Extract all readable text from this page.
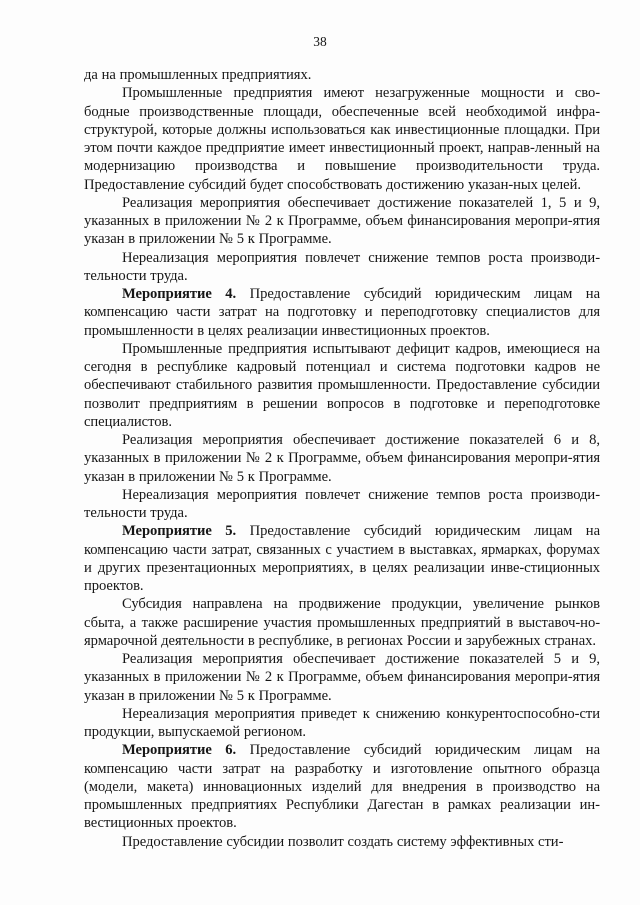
38

да на промышленных предприятиях.

Промышленные предприятия имеют незагруженные мощности и сво-бодные производственные площади, обеспеченные всей необходимой инфра-структурой, которые должны использоваться как инвестиционные площадки. При этом почти каждое предприятие имеет инвестиционный проект, направ-ленный на модернизацию производства и повышение производительности труда. Предоставление субсидий будет способствовать достижению указан-ных целей.

Реализация мероприятия обеспечивает достижение показателей 1, 5 и 9, указанных в приложении № 2 к Программе, объем финансирования меропри-ятия указан в приложении № 5 к Программе.

Нереализация мероприятия повлечет снижение темпов роста производи-тельности труда.

Мероприятие 4. Предоставление субсидий юридическим лицам на компенсацию части затрат на подготовку и переподготовку специалистов для промышленности в целях реализации инвестиционных проектов.

Промышленные предприятия испытывают дефицит кадров, имеющиеся на сегодня в республике кадровый потенциал и система подготовки кадров не обеспечивают стабильного развития промышленности. Предоставление субсидии позволит предприятиям в решении вопросов в подготовке и переподготовке специалистов.

Реализация мероприятия обеспечивает достижение показателей 6 и 8, указанных в приложении № 2 к Программе, объем финансирования меропри-ятия указан в приложении № 5 к Программе.

Нереализация мероприятия повлечет снижение темпов роста производи-тельности труда.

Мероприятие 5. Предоставление субсидий юридическим лицам на компенсацию части затрат, связанных с участием в выставках, ярмарках, форумах и других презентационных мероприятиях, в целях реализации инве-стиционных проектов.

Субсидия направлена на продвижение продукции, увеличение рынков сбыта, а также расширение участия промышленных предприятий в выставоч-но-ярмарочной деятельности в республике, в регионах России и зарубежных странах.

Реализация мероприятия обеспечивает достижение показателей 5 и 9, указанных в приложении № 2 к Программе, объем финансирования меропри-ятия указан в приложении № 5 к Программе.

Нереализация мероприятия приведет к снижению конкурентоспособно-сти продукции, выпускаемой регионом.

Мероприятие 6. Предоставление субсидий юридическим лицам на компенсацию части затрат на разработку и изготовление опытного образца (модели, макета) инновационных изделий для внедрения в производство на промышленных предприятиях Республики Дагестан в рамках реализации ин-вестиционных проектов.

Предоставление субсидии позволит создать систему эффективных сти-
